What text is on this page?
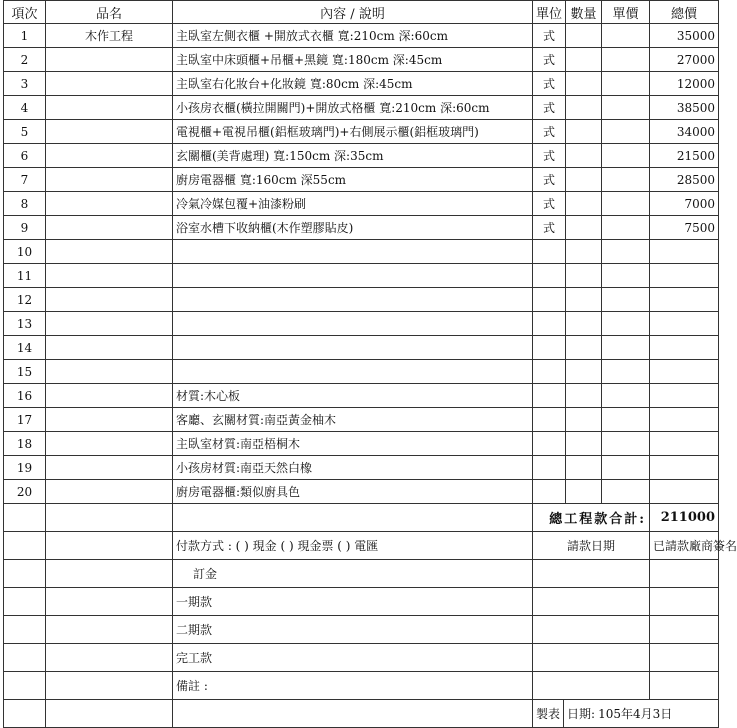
項次	品名	內容 / 說明	單位	數量	單價	總價
1	木作工程	主臥室左側衣櫃 +開放式衣櫃 寬:210cm 深:60cm	式			35000
2		主臥室中床頭櫃+吊櫃+黑鏡 寬:180cm 深:45cm	式			27000
3		主臥室右化妝台+化妝鏡 寬:80cm 深:45cm	式			12000
4		小孩房衣櫃(橫拉開關門)+開放式格櫃 寬:210cm 深:60cm	式			38500
5		電視櫃+電視吊櫃(鋁框玻璃門)+右側展示櫃(鋁框玻璃門)	式			34000
6		玄關櫃(美背處理) 寬:150cm 深:35cm	式			21500
7		廚房電器櫃 寬:160cm 深55cm	式			28500
8		冷氣冷媒包覆+油漆粉刷	式			7000
9		浴室水槽下收納櫃(木作塑膠貼皮)	式			7500
10						
11						
12						
13						
14						
15						
16		材質:木心板				
17		客廳、玄關材質:南亞黃金柚木				
18		主臥室材質:南亞梧桐木				
19		小孩房材質:南亞天然白橡				
20		廚房電器櫃:類似廚具色				
			總工程款合計:			211000
		付款方式 : ( ) 現金 ( ) 現金票 ( ) 電匯	請款日期			已請款廠商簽名
		訂金				
		一期款				
		二期款				
		完工款				
		備註 :				

製表 日期: 105年4月3日			
